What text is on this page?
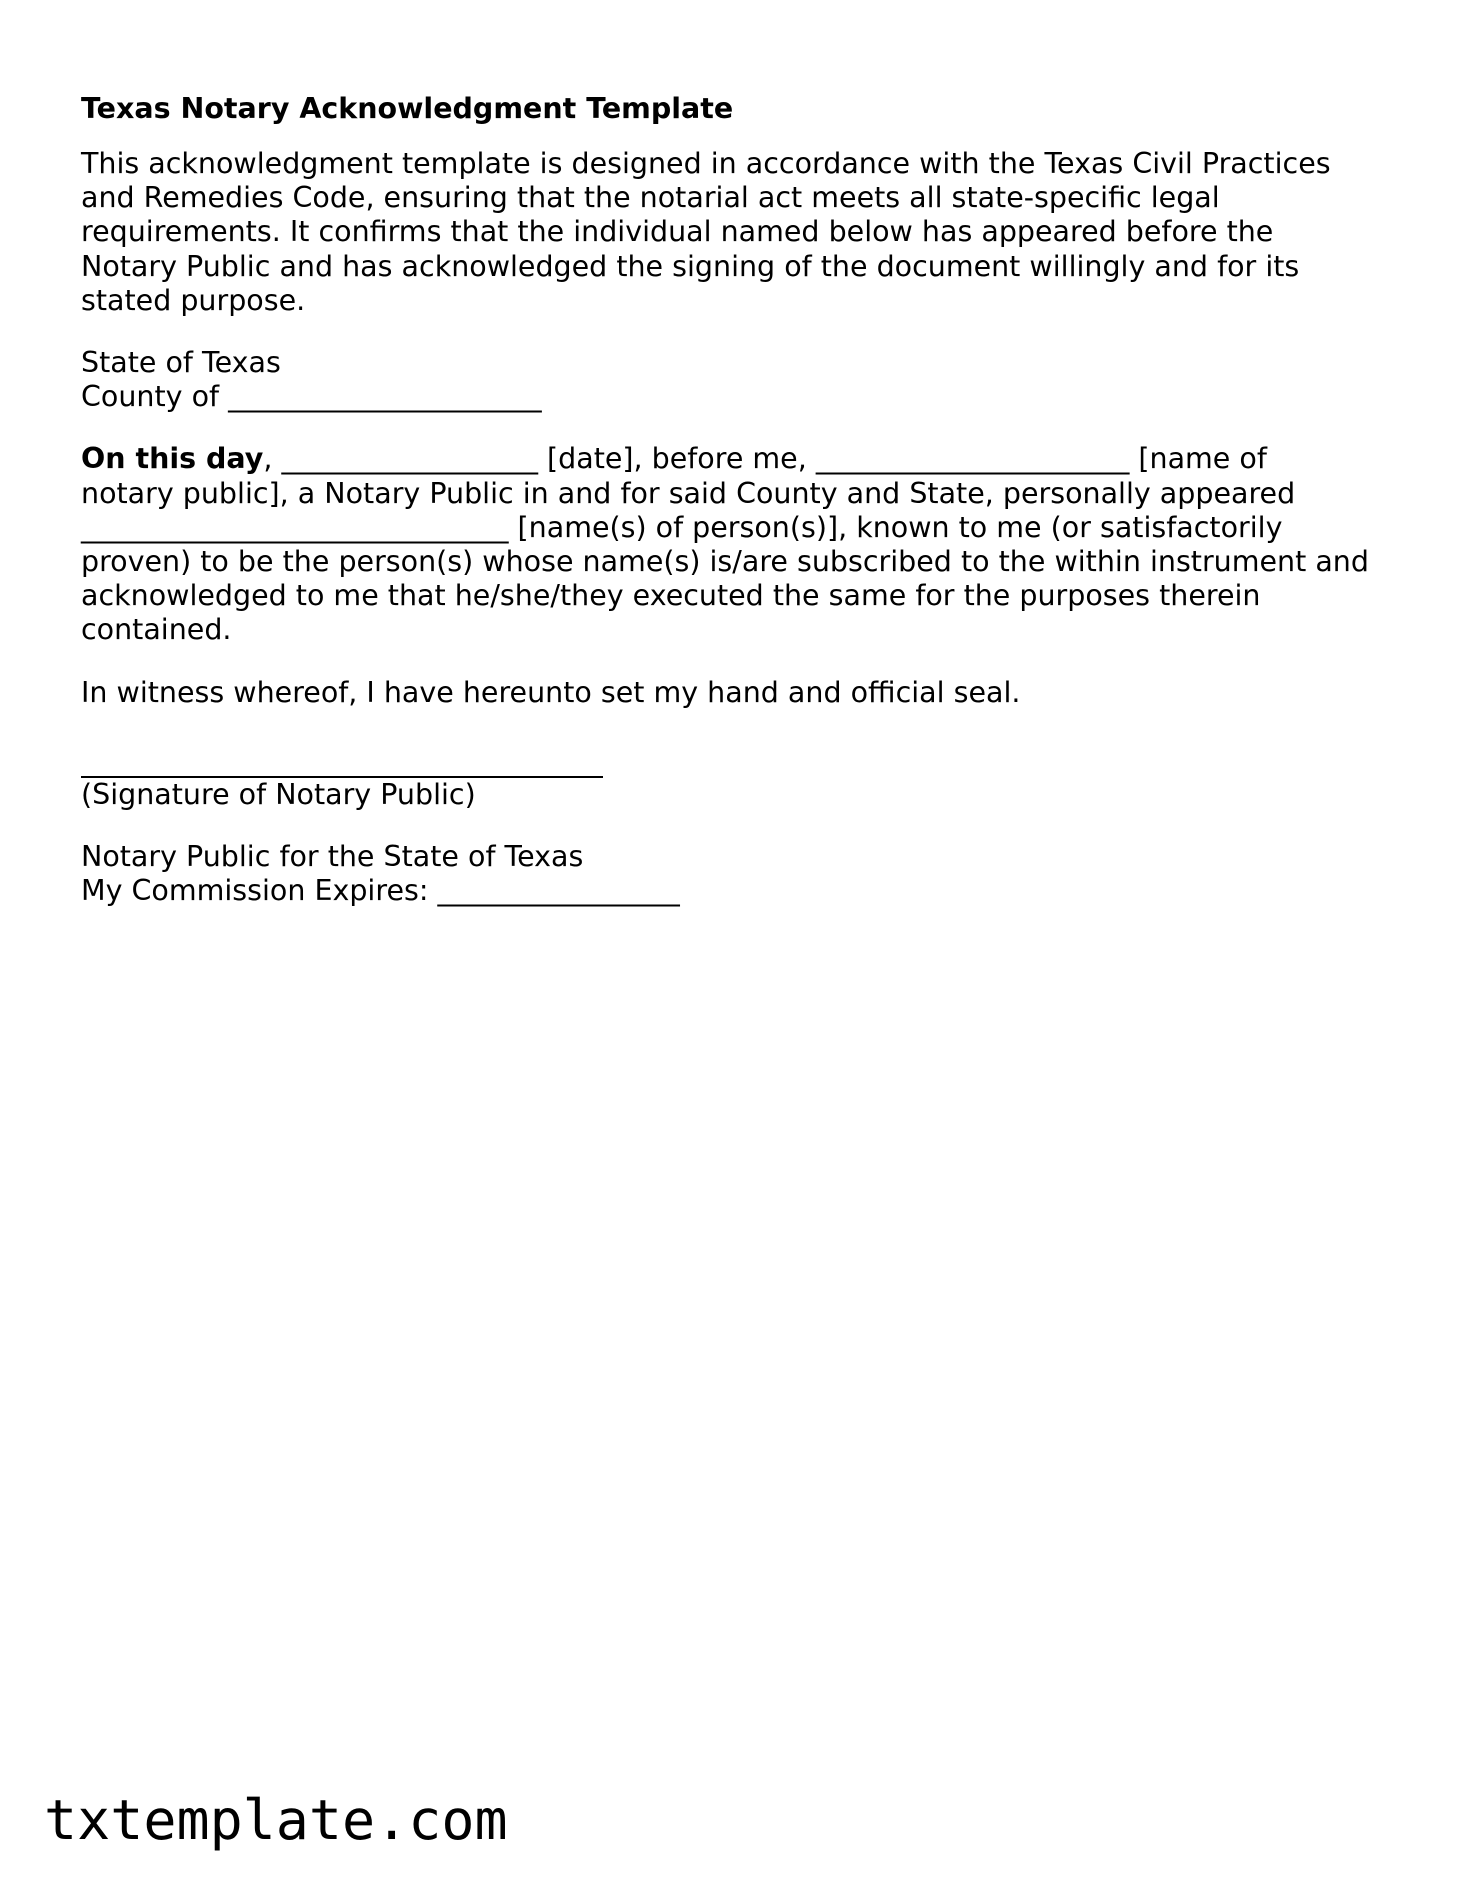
Texas Notary Acknowledgment Template
This acknowledgment template is designed in accordance with the Texas Civil Practices
and Remedies Code, ensuring that the notarial act meets all state-specific legal
requirements. It confirms that the individual named below has appeared before the
Notary Public and has acknowledged the signing of the document willingly and for its
stated purpose.
State of Texas
County of ______________________
On this day, __________________ [date], before me, ______________________ [name of
notary public], a Notary Public in and for said County and State, personally appeared
______________________________ [name(s) of person(s)], known to me (or satisfactorily
proven) to be the person(s) whose name(s) is/are subscribed to the within instrument and
acknowledged to me that he/she/they executed the same for the purposes therein
contained.
In witness whereof, I have hereunto set my hand and official seal.
(Signature of Notary Public)
Notary Public for the State of Texas
My Commission Expires: _________________
txtemplate.com
